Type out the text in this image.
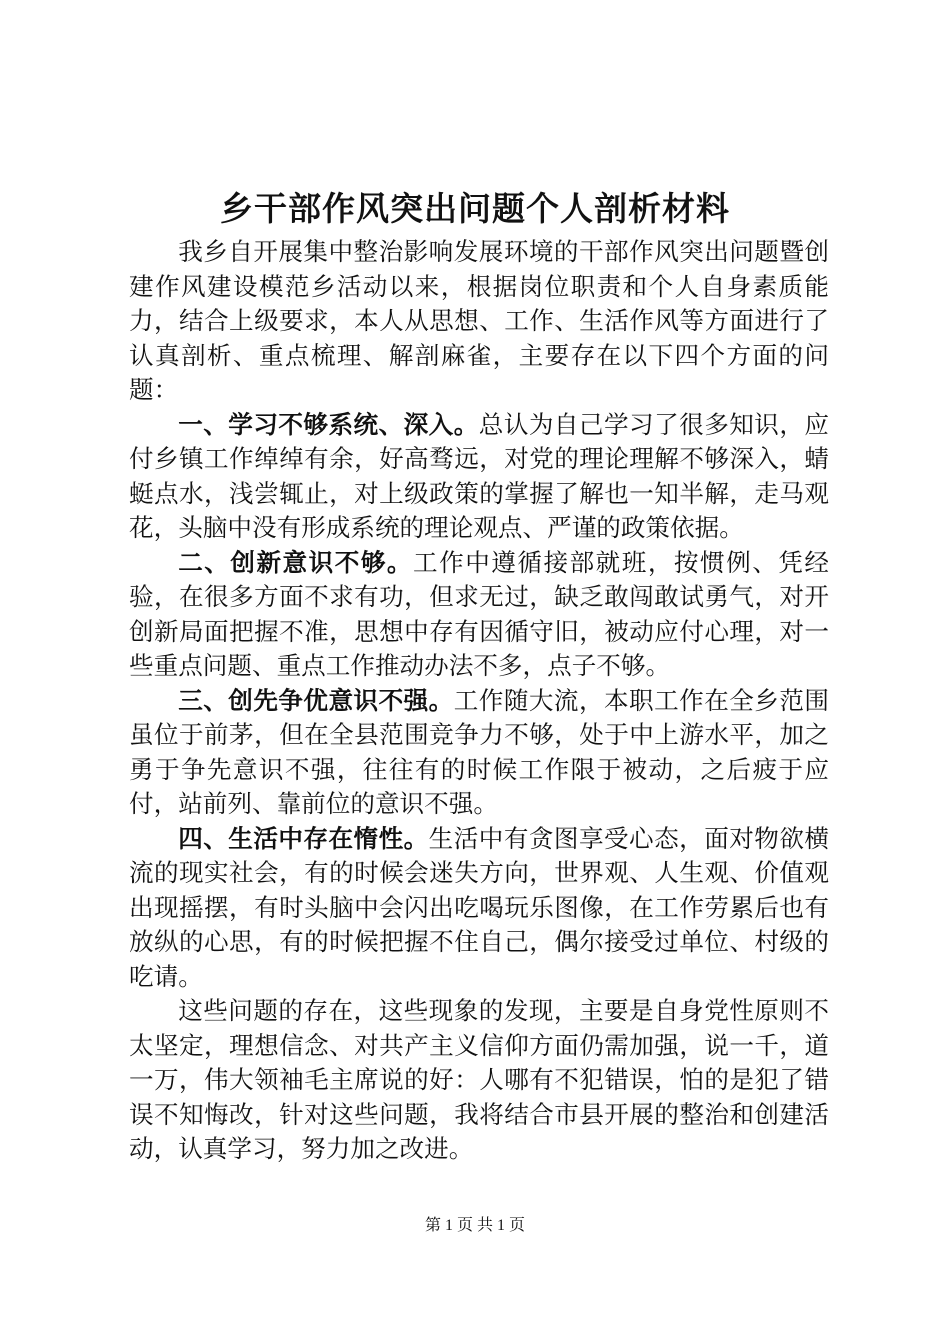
乡干部作风突出问题个人剖析材料

我乡自开展集中整治影响发展环境的干部作风突出问题暨创建作风建设模范乡活动以来，根据岗位职责和个人自身素质能力，结合上级要求，本人从思想、工作、生活作风等方面进行了认真剖析、重点梳理、解剖麻雀，主要存在以下四个方面的问题：

一、学习不够系统、深入。总认为自己学习了很多知识，应付乡镇工作绰绰有余，好高骛远，对党的理论理解不够深入，蜻蜓点水，浅尝辄止，对上级政策的掌握了解也一知半解，走马观花，头脑中没有形成系统的理论观点、严谨的政策依据。

二、创新意识不够。工作中遵循接部就班，按惯例、凭经验，在很多方面不求有功，但求无过，缺乏敢闯敢试勇气，对开创新局面把握不准，思想中存有因循守旧，被动应付心理，对一些重点问题、重点工作推动办法不多，点子不够。

三、创先争优意识不强。工作随大流，本职工作在全乡范围虽位于前茅，但在全县范围竞争力不够，处于中上游水平，加之勇于争先意识不强，往往有的时候工作限于被动，之后疲于应付，站前列、靠前位的意识不强。

四、生活中存在惰性。生活中有贪图享受心态，面对物欲横流的现实社会，有的时候会迷失方向，世界观、人生观、价值观出现摇摆，有时头脑中会闪出吃喝玩乐图像，在工作劳累后也有放纵的心思，有的时候把握不住自己，偶尔接受过单位、村级的吃请。

这些问题的存在，这些现象的发现，主要是自身党性原则不太坚定，理想信念、对共产主义信仰方面仍需加强，说一千，道一万，伟大领袖毛主席说的好：人哪有不犯错误，怕的是犯了错误不知悔改，针对这些问题，我将结合市县开展的整治和创建活动，认真学习，努力加之改进。

第 1 页 共 1 页
